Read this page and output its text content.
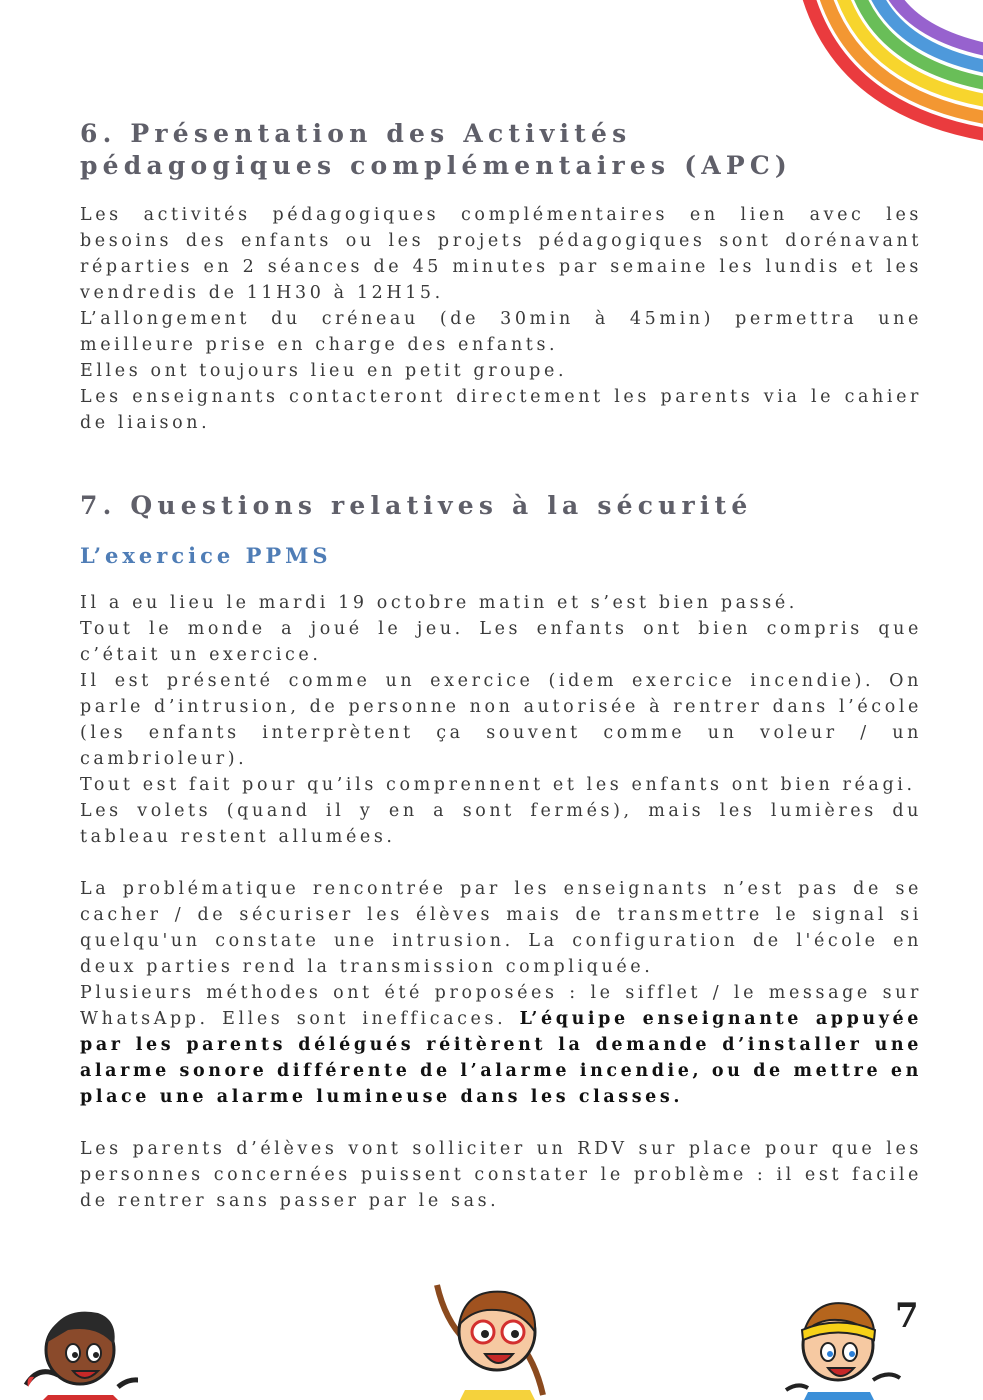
6. Présentation des Activités pédagogiques complémentaires (APC)

Les activités pédagogiques complémentaires en lien avec les besoins des enfants ou les projets pédagogiques sont dorénavant réparties en 2 séances de 45 minutes par semaine les lundis et les vendredis de 11H30 à 12H15.

L’allongement du créneau (de 30min à 45min) permettra une meilleure prise en charge des enfants.

Elles ont toujours lieu en petit groupe.

Les enseignants contacteront directement les parents via le cahier de liaison.

7. Questions relatives à la sécurité
L’exercice PPMS

Il a eu lieu le mardi 19 octobre matin et s’est bien passé.

Tout le monde a joué le jeu. Les enfants ont bien compris que c’était un exercice.

Il est présenté comme un exercice (idem exercice incendie). On parle d’intrusion, de personne non autorisée à rentrer dans l’école (les enfants interprètent ça souvent comme un voleur / un cambrioleur).

Tout est fait pour qu’ils comprennent et les enfants ont bien réagi.

Les volets (quand il y en a sont fermés), mais les lumières du tableau restent allumées.

La problématique rencontrée par les enseignants n’est pas de se cacher / de sécuriser les élèves mais de transmettre le signal si quelqu'un constate une intrusion. La configuration de l'école en deux parties rend la transmission compliquée.

Plusieurs méthodes ont été proposées : le sifflet / le message sur WhatsApp. Elles sont inefficaces. L’équipe enseignante appuyée par les parents délégués réitèrent la demande d’installer une alarme sonore différente de l’alarme incendie, ou de mettre en place une alarme lumineuse dans les classes.

Les parents d’élèves vont solliciter un RDV sur place pour que les personnes concernées puissent constater le problème : il est facile de rentrer sans passer par le sas.

7
